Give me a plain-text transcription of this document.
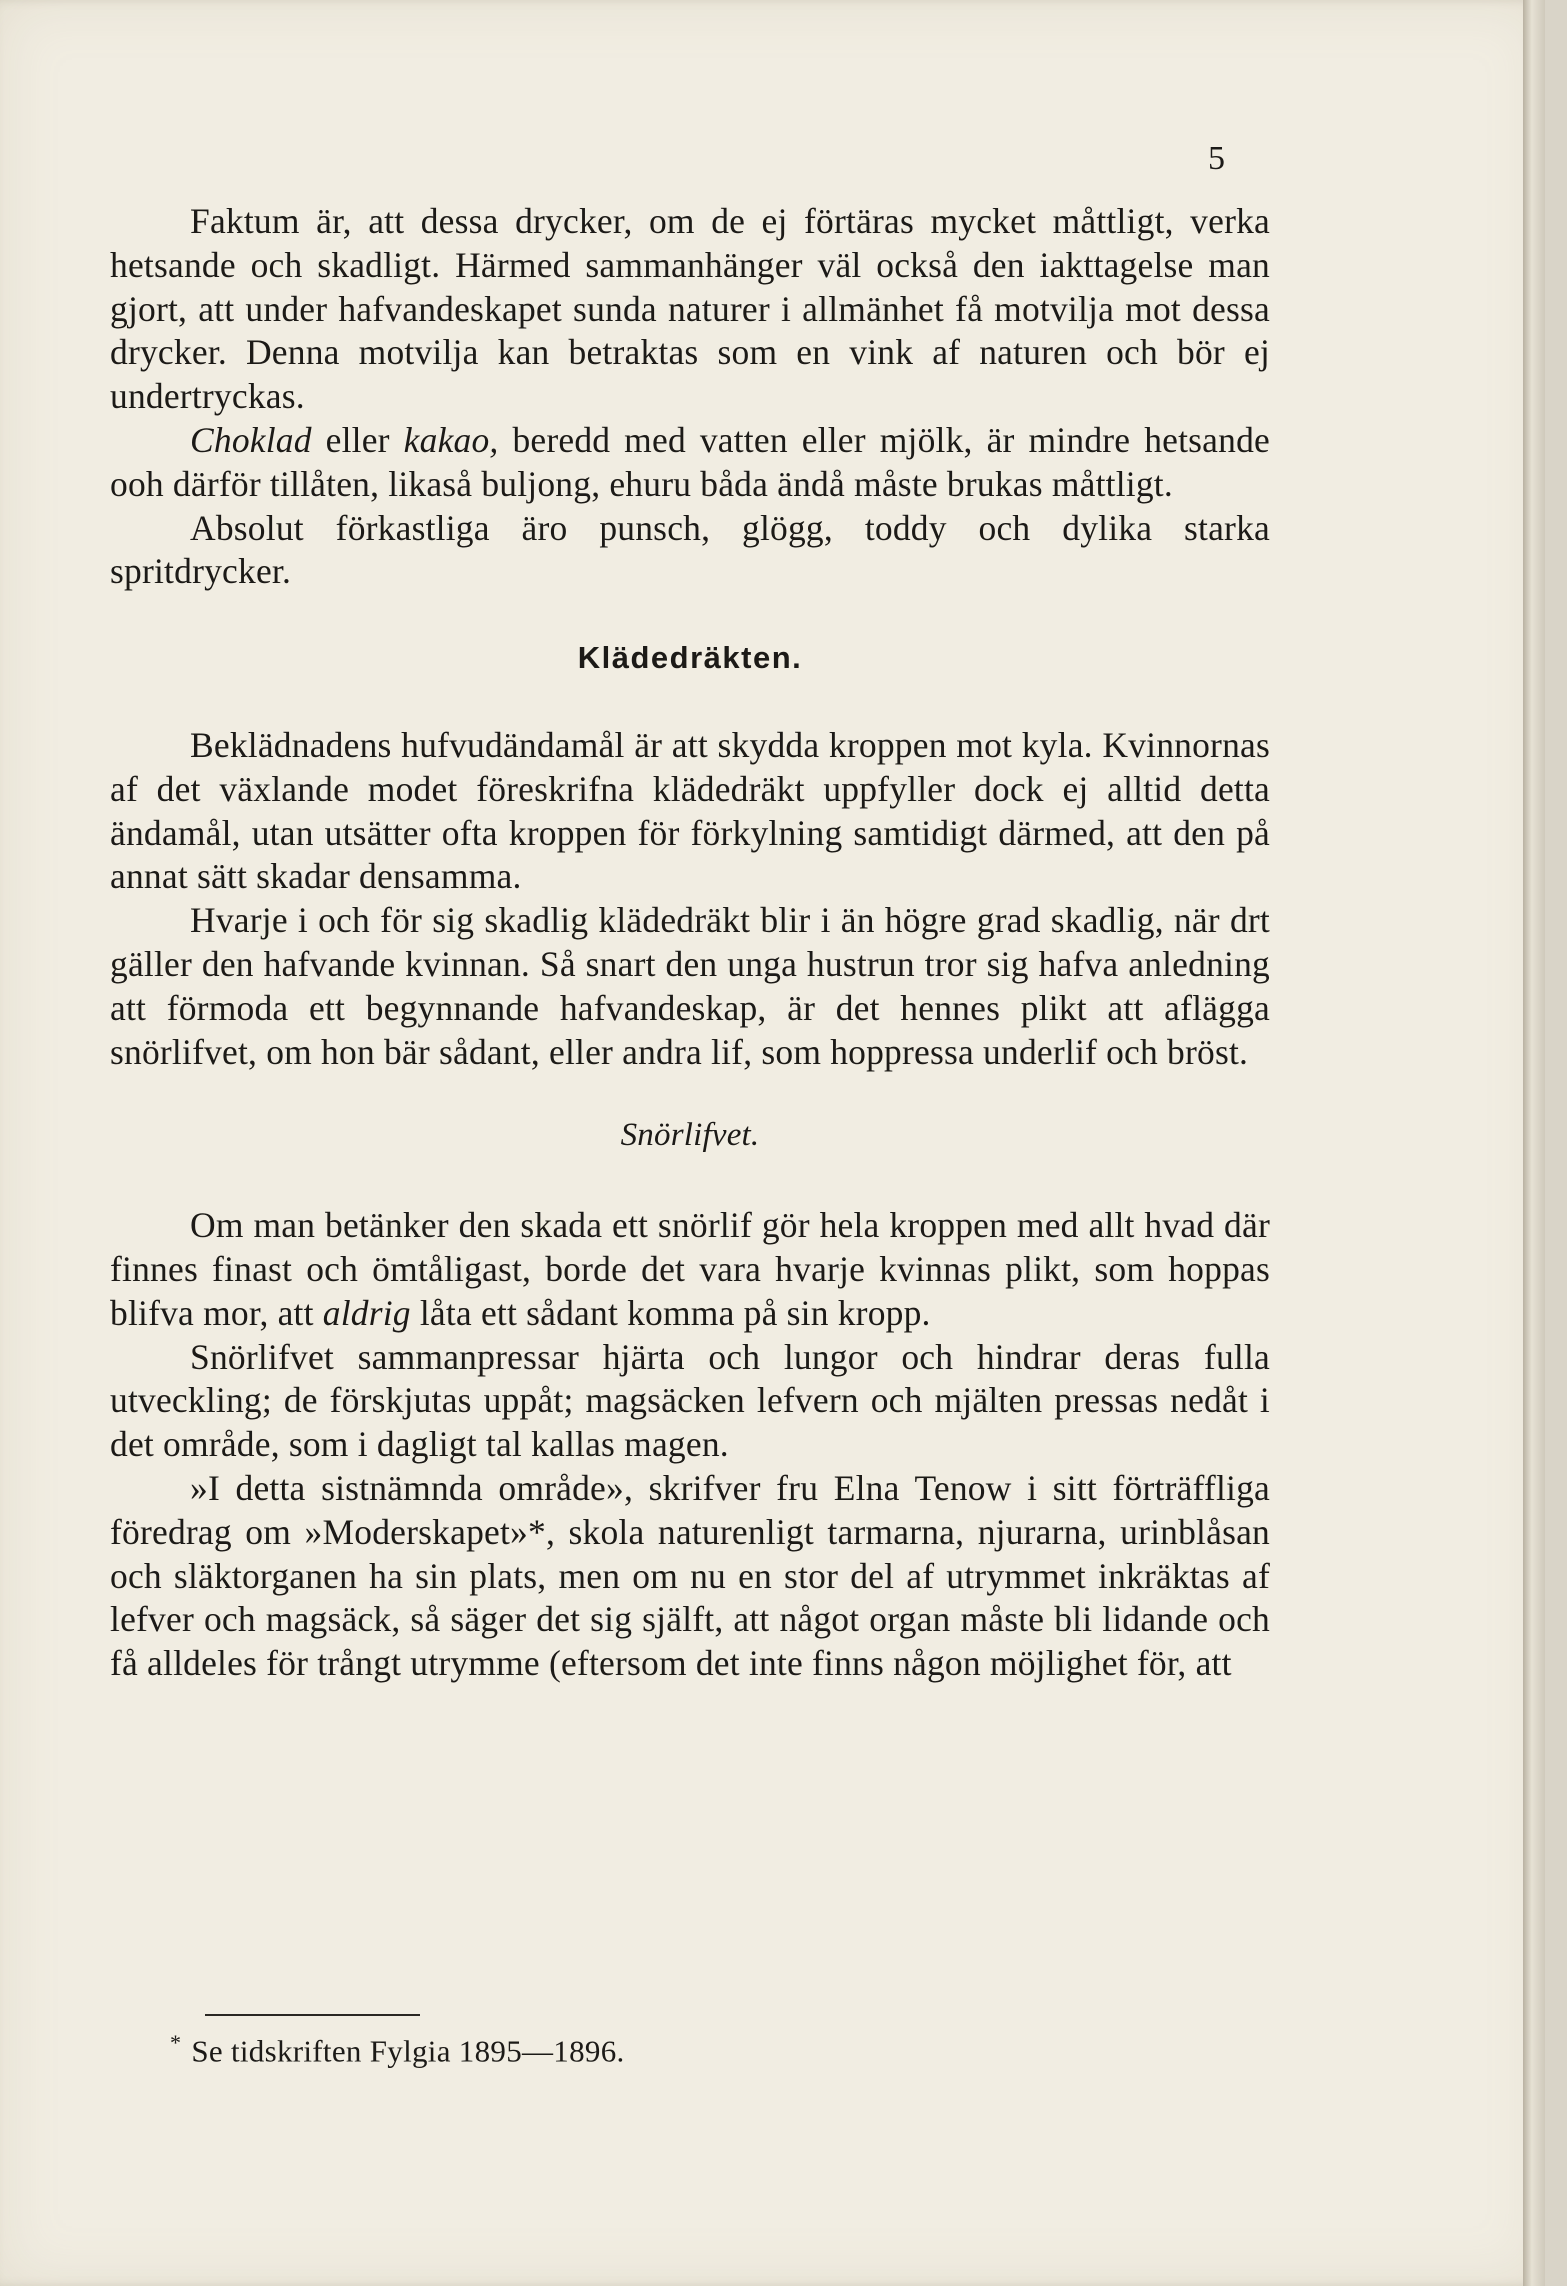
5

Faktum är, att dessa drycker, om de ej förtäras mycket måttligt, verka hetsande och skadligt. Härmed sammanhänger väl också den iakttagelse man gjort, att under hafvandeskapet sunda naturer i allmänhet få motvilja mot dessa drycker. Denna motvilja kan betraktas som en vink af naturen och bör ej undertryckas.

Choklad eller kakao, beredd med vatten eller mjölk, är mindre hetsande ooh därför tillåten, likaså buljong, ehuru båda ändå måste brukas måttligt.

Absolut förkastliga äro punsch, glögg, toddy och dylika starka spritdrycker.

Klädedräkten.

Beklädnadens hufvudändamål är att skydda kroppen mot kyla. Kvinnornas af det växlande modet föreskrifna klädedräkt uppfyller dock ej alltid detta ändamål, utan utsätter ofta kroppen för förkylning samtidigt därmed, att den på annat sätt skadar densamma.

Hvarje i och för sig skadlig klädedräkt blir i än högre grad skadlig, när drt gäller den hafvande kvinnan. Så snart den unga hustrun tror sig hafva anledning att förmoda ett begynnande hafvandeskap, är det hennes plikt att aflägga snörlifvet, om hon bär sådant, eller andra lif, som hoppressa underlif och bröst.

Snörlifvet.

Om man betänker den skada ett snörlif gör hela kroppen med allt hvad där finnes finast och ömtåligast, borde det vara hvarje kvinnas plikt, som hoppas blifva mor, att aldrig låta ett sådant komma på sin kropp.

Snörlifvet sammanpressar hjärta och lungor och hindrar deras fulla utveckling; de förskjutas uppåt; magsäcken lefvern och mjälten pressas nedåt i det område, som i dagligt tal kallas magen.

»I detta sistnämnda område», skrifver fru Elna Tenow i sitt förträffliga föredrag om »Moderskapet»*, skola naturenligt tarmarna, njurarna, urinblåsan och släktorganen ha sin plats, men om nu en stor del af utrymmet inkräktas af lefver och magsäck, så säger det sig själft, att något organ måste bli lidande och få alldeles för trångt utrymme (eftersom det inte finns någon möjlighet för, att

* Se tidskriften Fylgia 1895—1896.
